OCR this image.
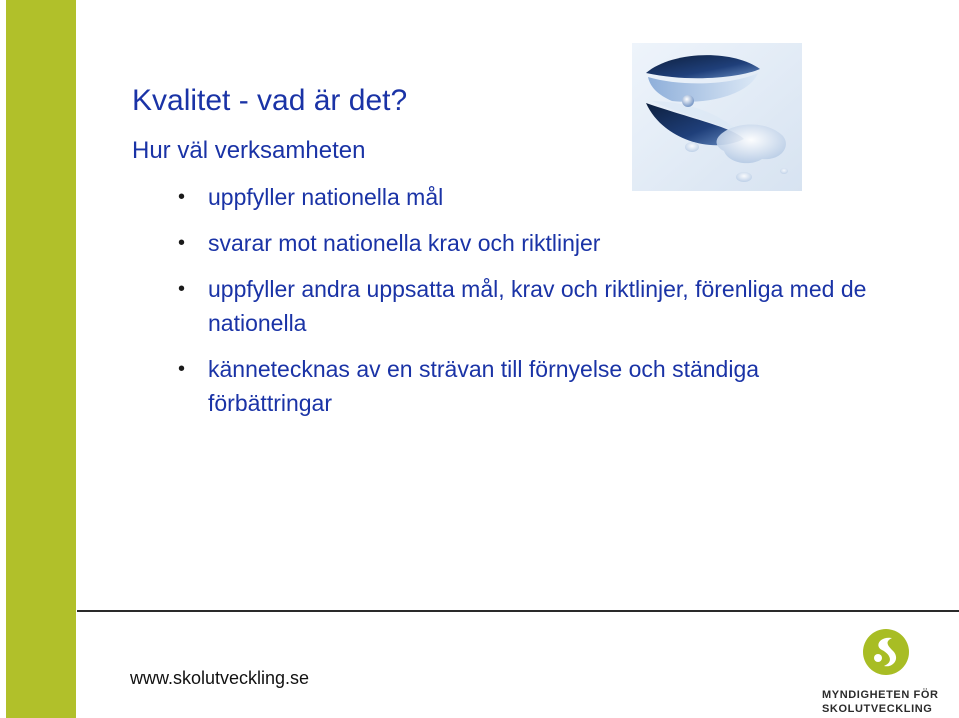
Kvalitet - vad är det?
Hur väl verksamheten
• uppfyller nationella mål
• svarar mot nationella krav och riktlinjer
• uppfyller andra uppsatta mål, krav och riktlinjer, förenliga med de nationella
• kännetecknas av en strävan till förnyelse och ständiga förbättringar
www.skolutveckling.se
MYNDIGHETEN FÖR
SKOLUTVECKLING
